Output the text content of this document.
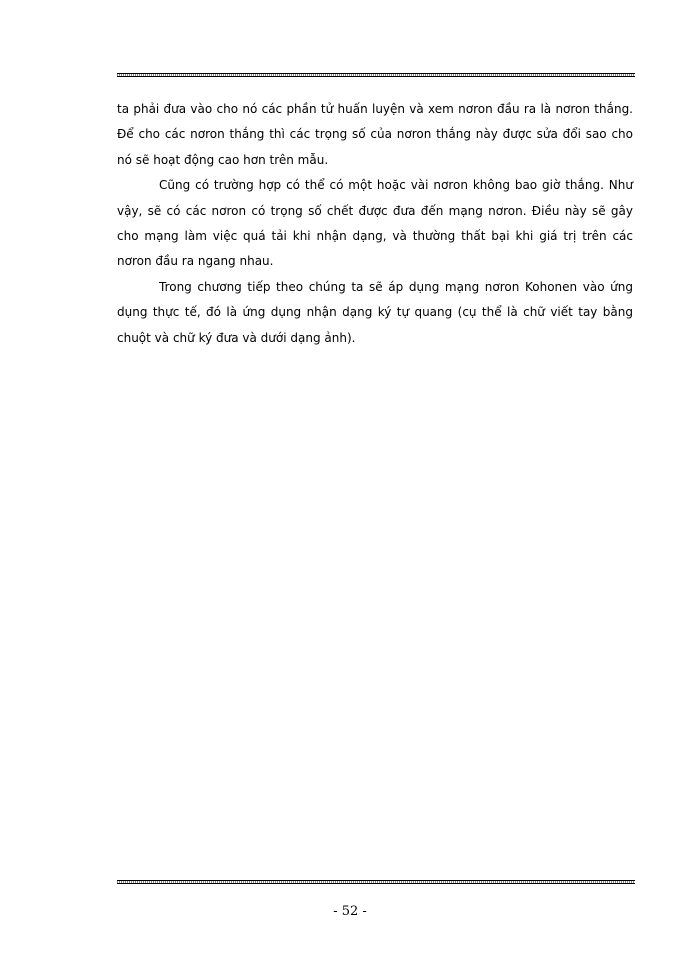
ta phải đưa vào cho nó các phần tử huấn luyện và xem nơron đầu ra là nơron thắng. Để cho các nơron thắng thì các trọng số của nơron thắng này được sửa đổi sao cho nó sẽ hoạt động cao hơn trên mẫu.

Cũng có trường hợp có thể có một hoặc vài nơron không bao giờ thắng. Như vậy, sẽ có các nơron có trọng số chết được đưa đến mạng nơron. Điều này sẽ gây cho mạng làm việc quá tải khi nhận dạng, và thường thất bại khi giá trị trên các nơron đầu ra ngang nhau.

Trong chương tiếp theo chúng ta sẽ áp dụng mạng nơron Kohonen vào ứng dụng thực tế, đó là ứng dụng nhận dạng ký tự quang (cụ thể là chữ viết tay bằng chuột và chữ ký đưa và dưới dạng ảnh).

- 52 -
